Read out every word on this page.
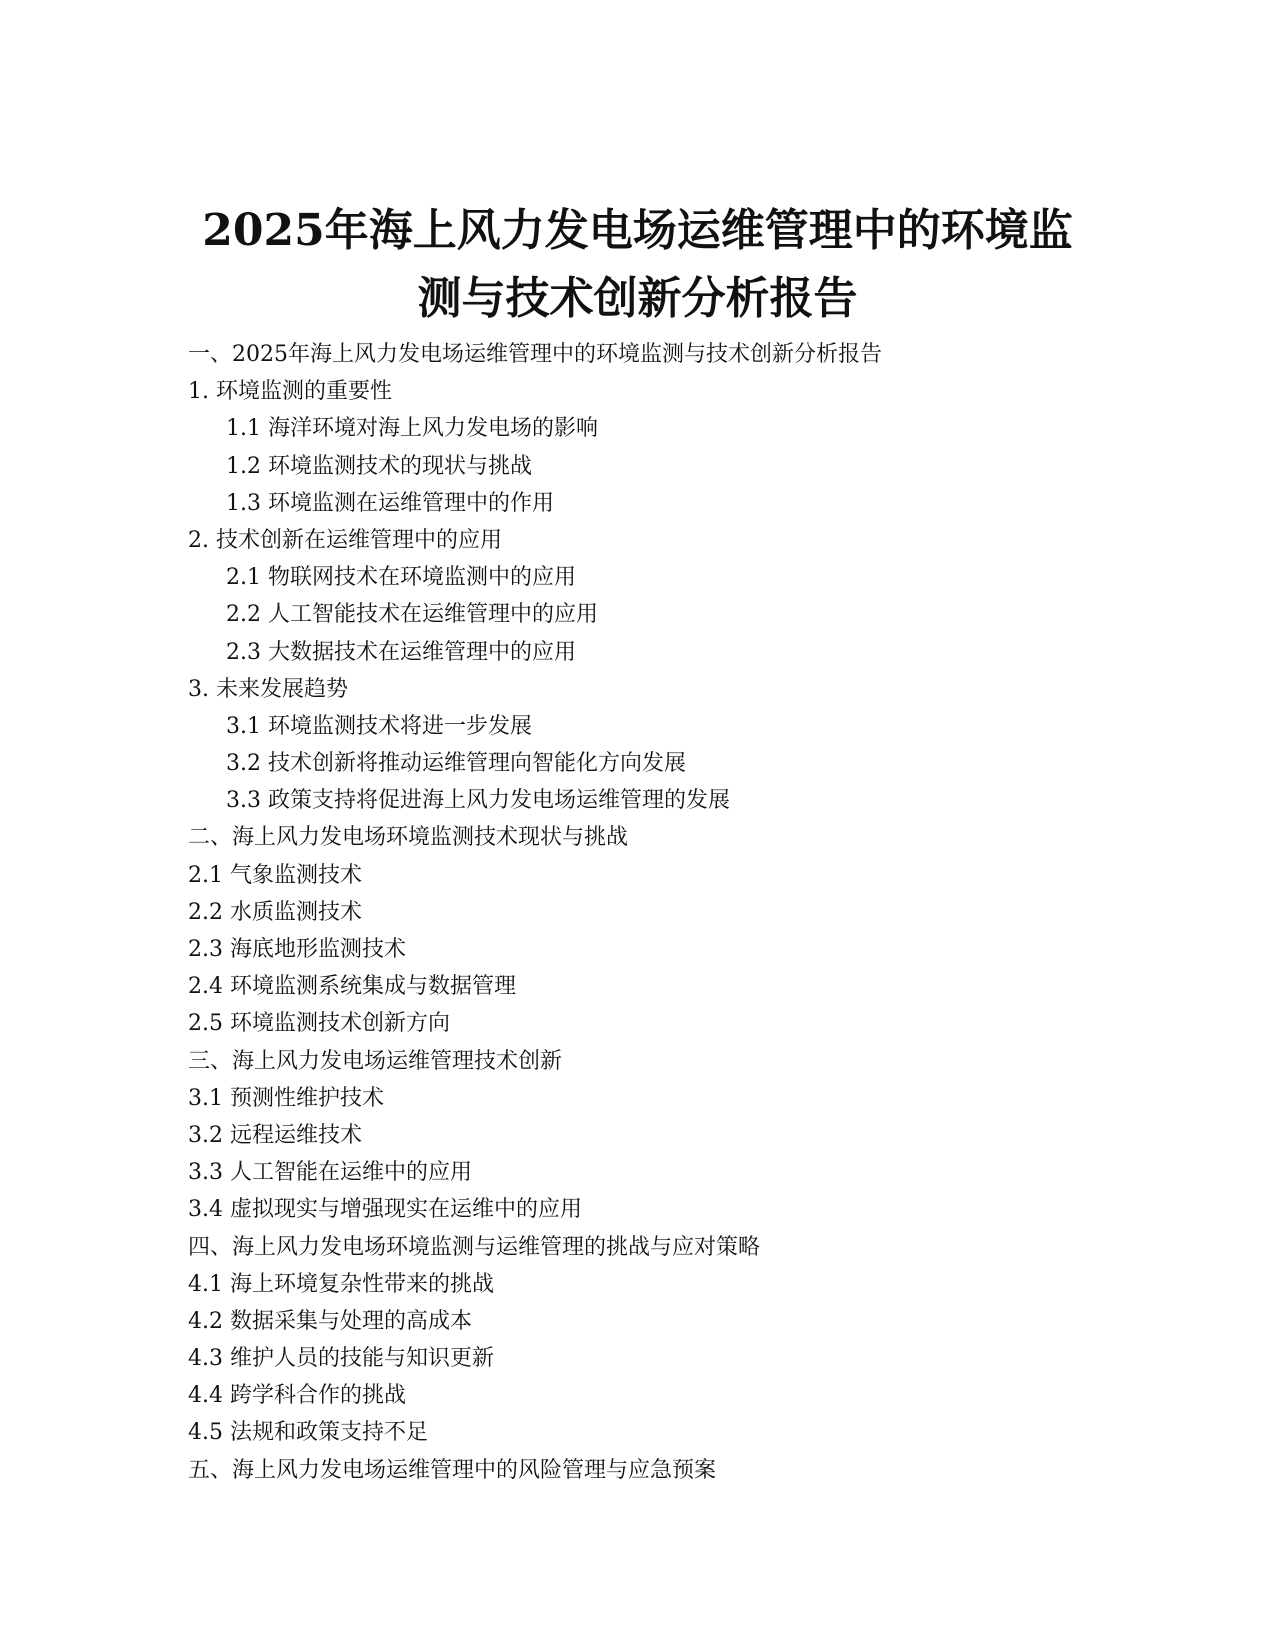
2025年海上风力发电场运维管理中的环境监
测与技术创新分析报告
一、2025年海上风力发电场运维管理中的环境监测与技术创新分析报告
1. 环境监测的重要性
1.1 海洋环境对海上风力发电场的影响
1.2 环境监测技术的现状与挑战
1.3 环境监测在运维管理中的作用
2. 技术创新在运维管理中的应用
2.1 物联网技术在环境监测中的应用
2.2 人工智能技术在运维管理中的应用
2.3 大数据技术在运维管理中的应用
3. 未来发展趋势
3.1 环境监测技术将进一步发展
3.2 技术创新将推动运维管理向智能化方向发展
3.3 政策支持将促进海上风力发电场运维管理的发展
二、海上风力发电场环境监测技术现状与挑战
2.1 气象监测技术
2.2 水质监测技术
2.3 海底地形监测技术
2.4 环境监测系统集成与数据管理
2.5 环境监测技术创新方向
三、海上风力发电场运维管理技术创新
3.1 预测性维护技术
3.2 远程运维技术
3.3 人工智能在运维中的应用
3.4 虚拟现实与增强现实在运维中的应用
四、海上风力发电场环境监测与运维管理的挑战与应对策略
4.1 海上环境复杂性带来的挑战
4.2 数据采集与处理的高成本
4.3 维护人员的技能与知识更新
4.4 跨学科合作的挑战
4.5 法规和政策支持不足
五、海上风力发电场运维管理中的风险管理与应急预案
